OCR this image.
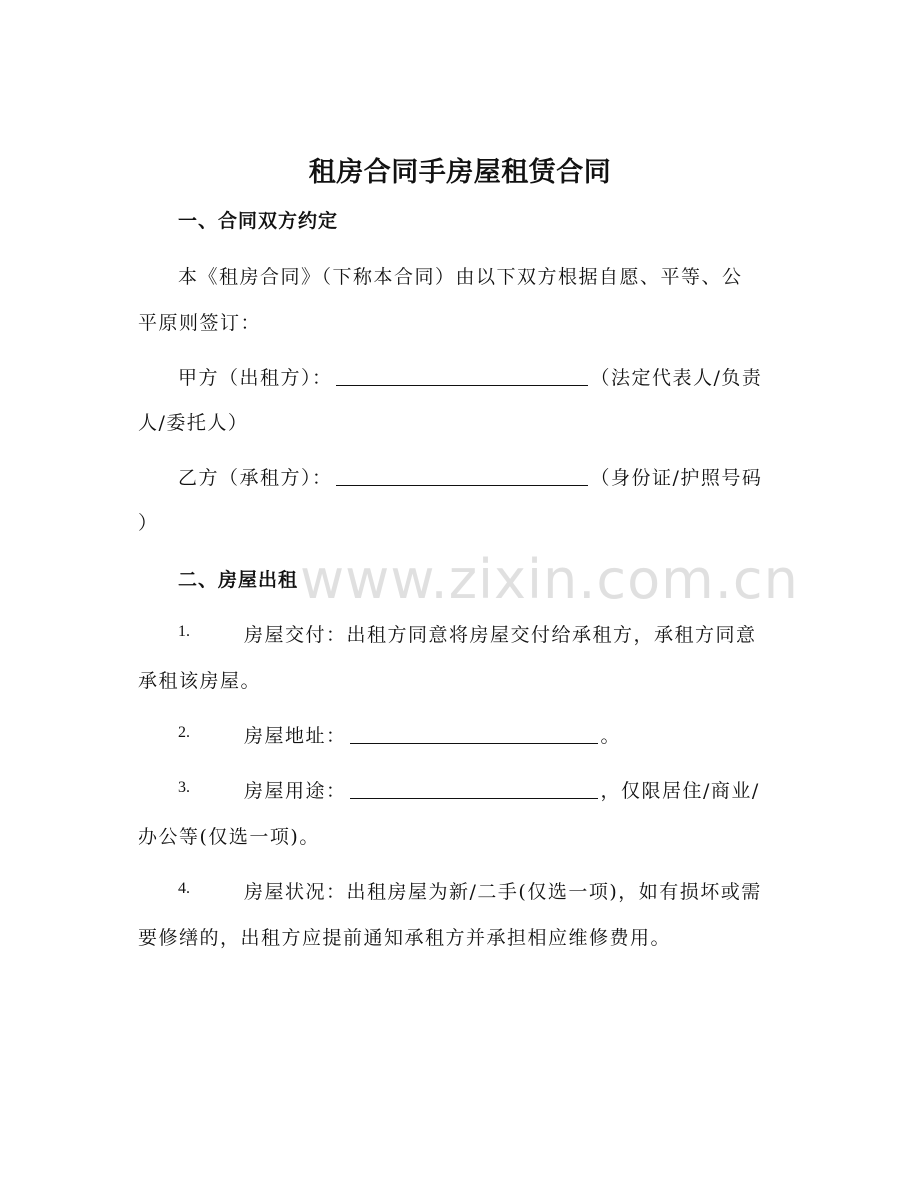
租房合同手房屋租赁合同
一、合同双方约定
本《租房合同》（下称本合同）由以下双方根据自愿、平等、公
平原则签订：
甲方（出租方）：	（法定代表人/负责
人/委托人）
乙方（承租方）：	（身份证/护照号码
）
二、房屋出租
1.	房屋交付：出租方同意将房屋交付给承租方，承租方同意
承租该房屋。
2.	房屋地址：	。
3.	房屋用途：	，仅限居住/商业/
办公等(仅选一项)。
4.	房屋状况：出租房屋为新/二手(仅选一项)，如有损坏或需
要修缮的，出租方应提前通知承租方并承担相应维修费用。
www.zixin.com.cn
